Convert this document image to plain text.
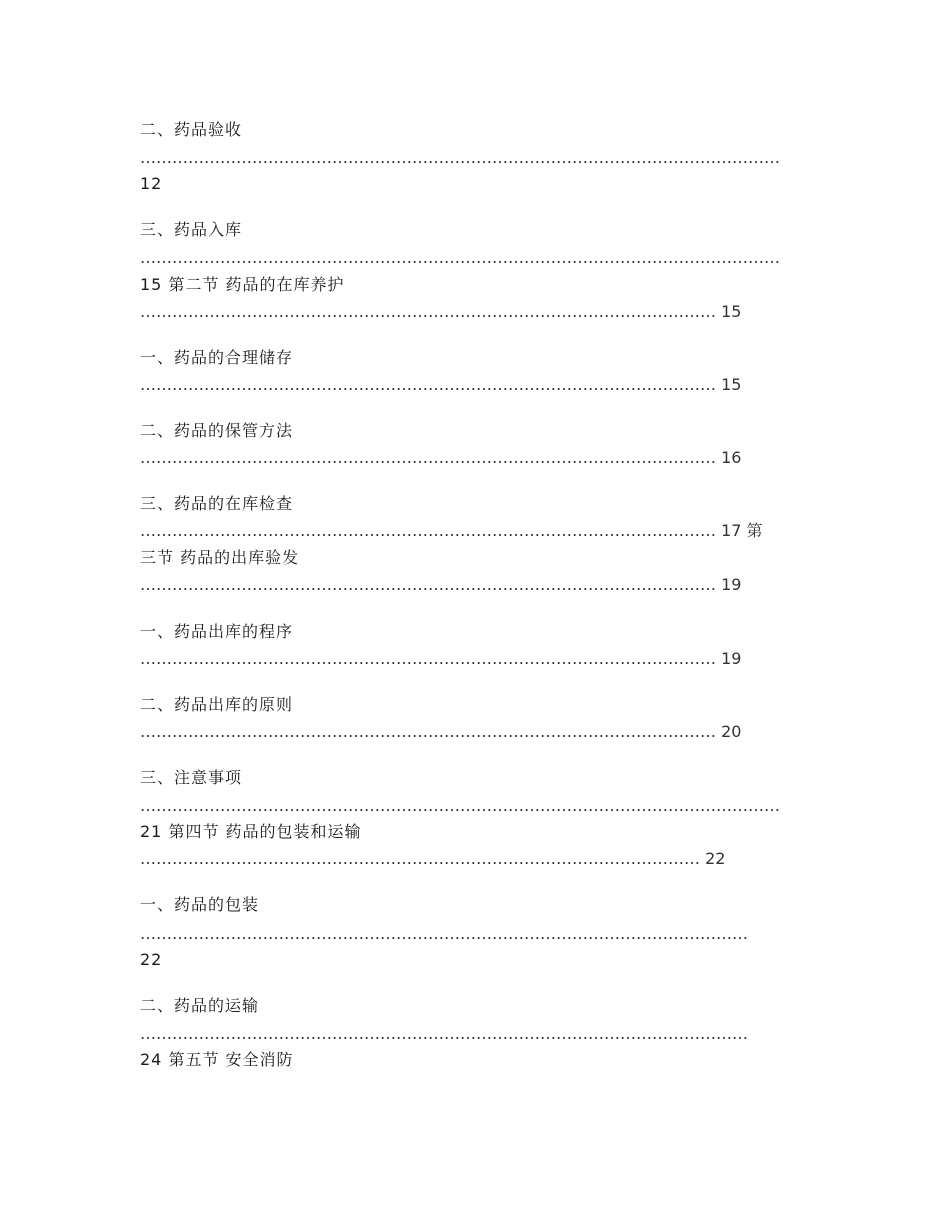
二、药品验收
…………………………………………………………………………………………………………
12
三、药品入库
…………………………………………………………………………………………………………
15 第二节 药品的在库养护
……………………………………………………………………………………………… 15
一、药品的合理储存
……………………………………………………………………………………………… 15
二、药品的保管方法
……………………………………………………………………………………………… 16
三、药品的在库检查
……………………………………………………………………………………………… 17 第
三节 药品的出库验发
……………………………………………………………………………………………… 19
一、药品出库的程序
……………………………………………………………………………………………… 19
二、药品出库的原则
……………………………………………………………………………………………… 20
三、注意事项
…………………………………………………………………………………………………………
21 第四节 药品的包装和运输
…………………………………………………………………………………………… 22
一、药品的包装
……………………………………………………………………………………………………
22
二、药品的运输
……………………………………………………………………………………………………
24 第五节 安全消防
